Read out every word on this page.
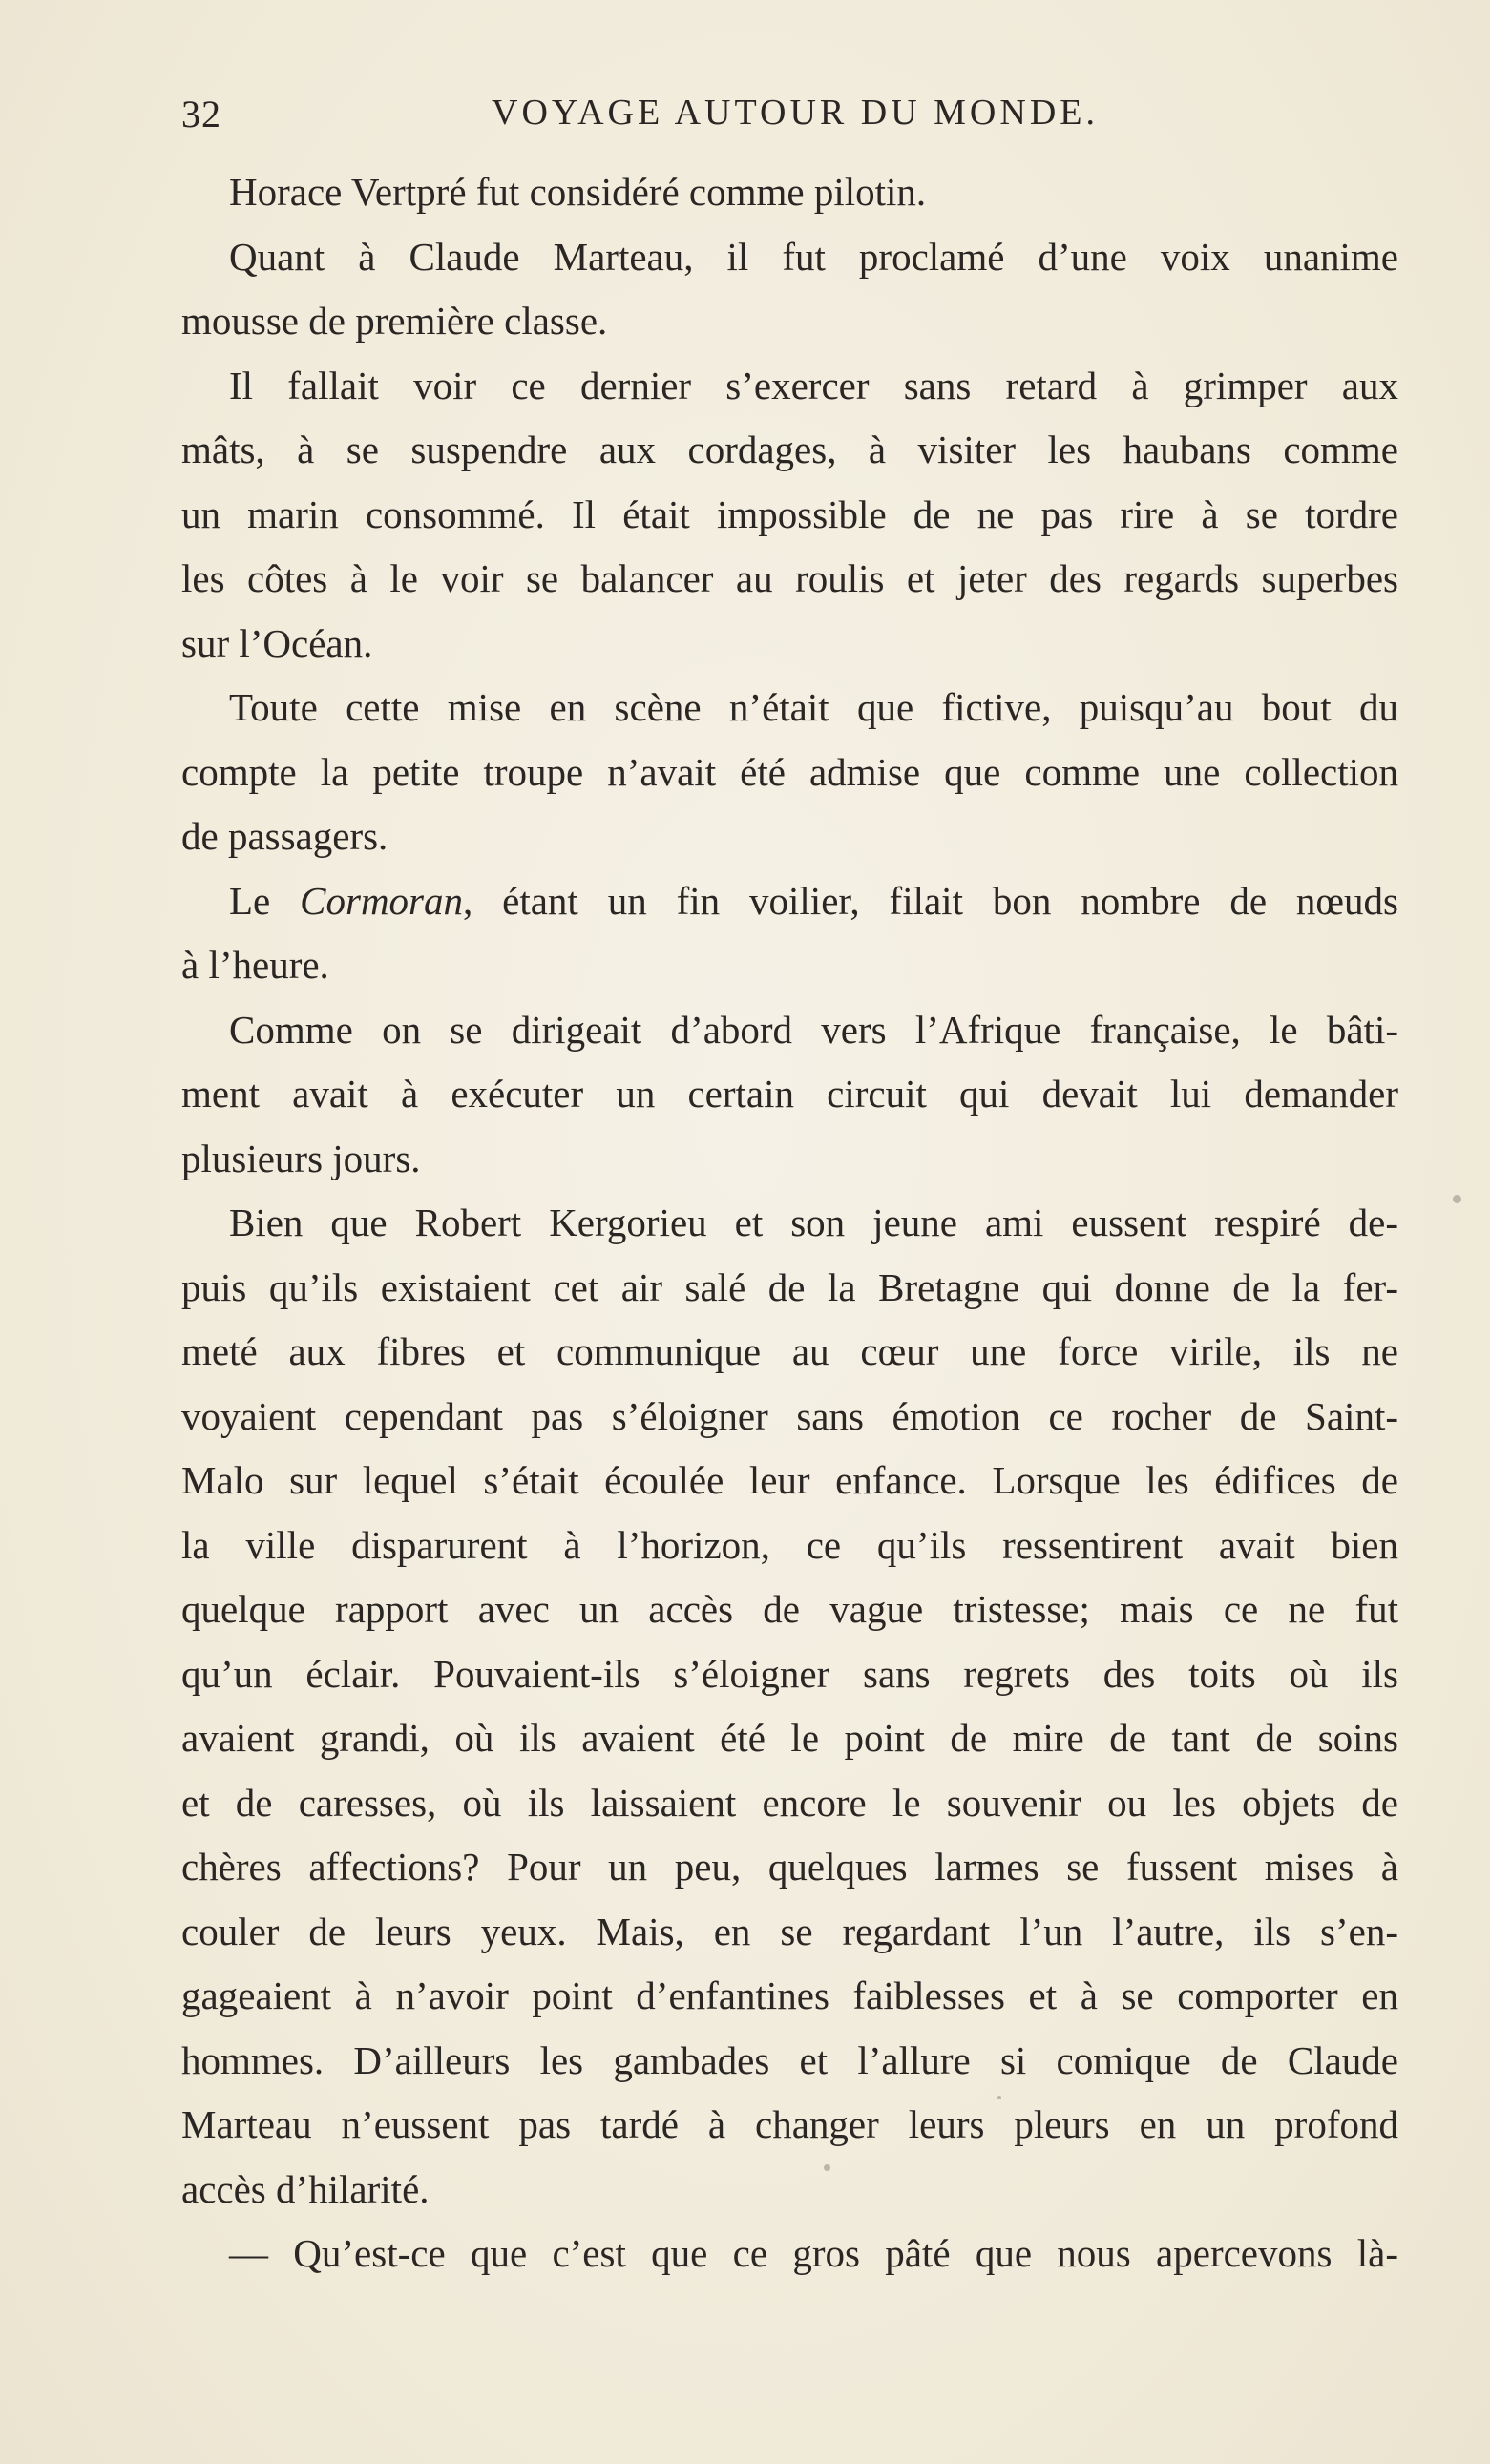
32	VOYAGE AUTOUR DU MONDE.
Horace Vertpré fut considéré comme pilotin.
Quant à Claude Marteau, il fut proclamé d’une voix unanime
mousse de première classe.
Il fallait voir ce dernier s’exercer sans retard à grimper aux
mâts, à se suspendre aux cordages, à visiter les haubans comme
un marin consommé. Il était impossible de ne pas rire à se tordre
les côtes à le voir se balancer au roulis et jeter des regards superbes
sur l’Océan.
Toute cette mise en scène n’était que fictive, puisqu’au bout du
compte la petite troupe n’avait été admise que comme une collection
de passagers.
Le Cormoran, étant un fin voilier, filait bon nombre de nœuds
à l’heure.
Comme on se dirigeait d’abord vers l’Afrique française, le bâti-
ment avait à exécuter un certain circuit qui devait lui demander
plusieurs jours.
Bien que Robert Kergorieu et son jeune ami eussent respiré de-
puis qu’ils existaient cet air salé de la Bretagne qui donne de la fer-
meté aux fibres et communique au cœur une force virile, ils ne
voyaient cependant pas s’éloigner sans émotion ce rocher de Saint-
Malo sur lequel s’était écoulée leur enfance. Lorsque les édifices de
la ville disparurent à l’horizon, ce qu’ils ressentirent avait bien
quelque rapport avec un accès de vague tristesse; mais ce ne fut
qu’un éclair. Pouvaient-ils s’éloigner sans regrets des toits où ils
avaient grandi, où ils avaient été le point de mire de tant de soins
et de caresses, où ils laissaient encore le souvenir ou les objets de
chères affections? Pour un peu, quelques larmes se fussent mises à
couler de leurs yeux. Mais, en se regardant l’un l’autre, ils s’en-
gageaient à n’avoir point d’enfantines faiblesses et à se comporter en
hommes. D’ailleurs les gambades et l’allure si comique de Claude
Marteau n’eussent pas tardé à changer leurs pleurs en un profond
accès d’hilarité.
— Qu’est-ce que c’est que ce gros pâté que nous apercevons là-
